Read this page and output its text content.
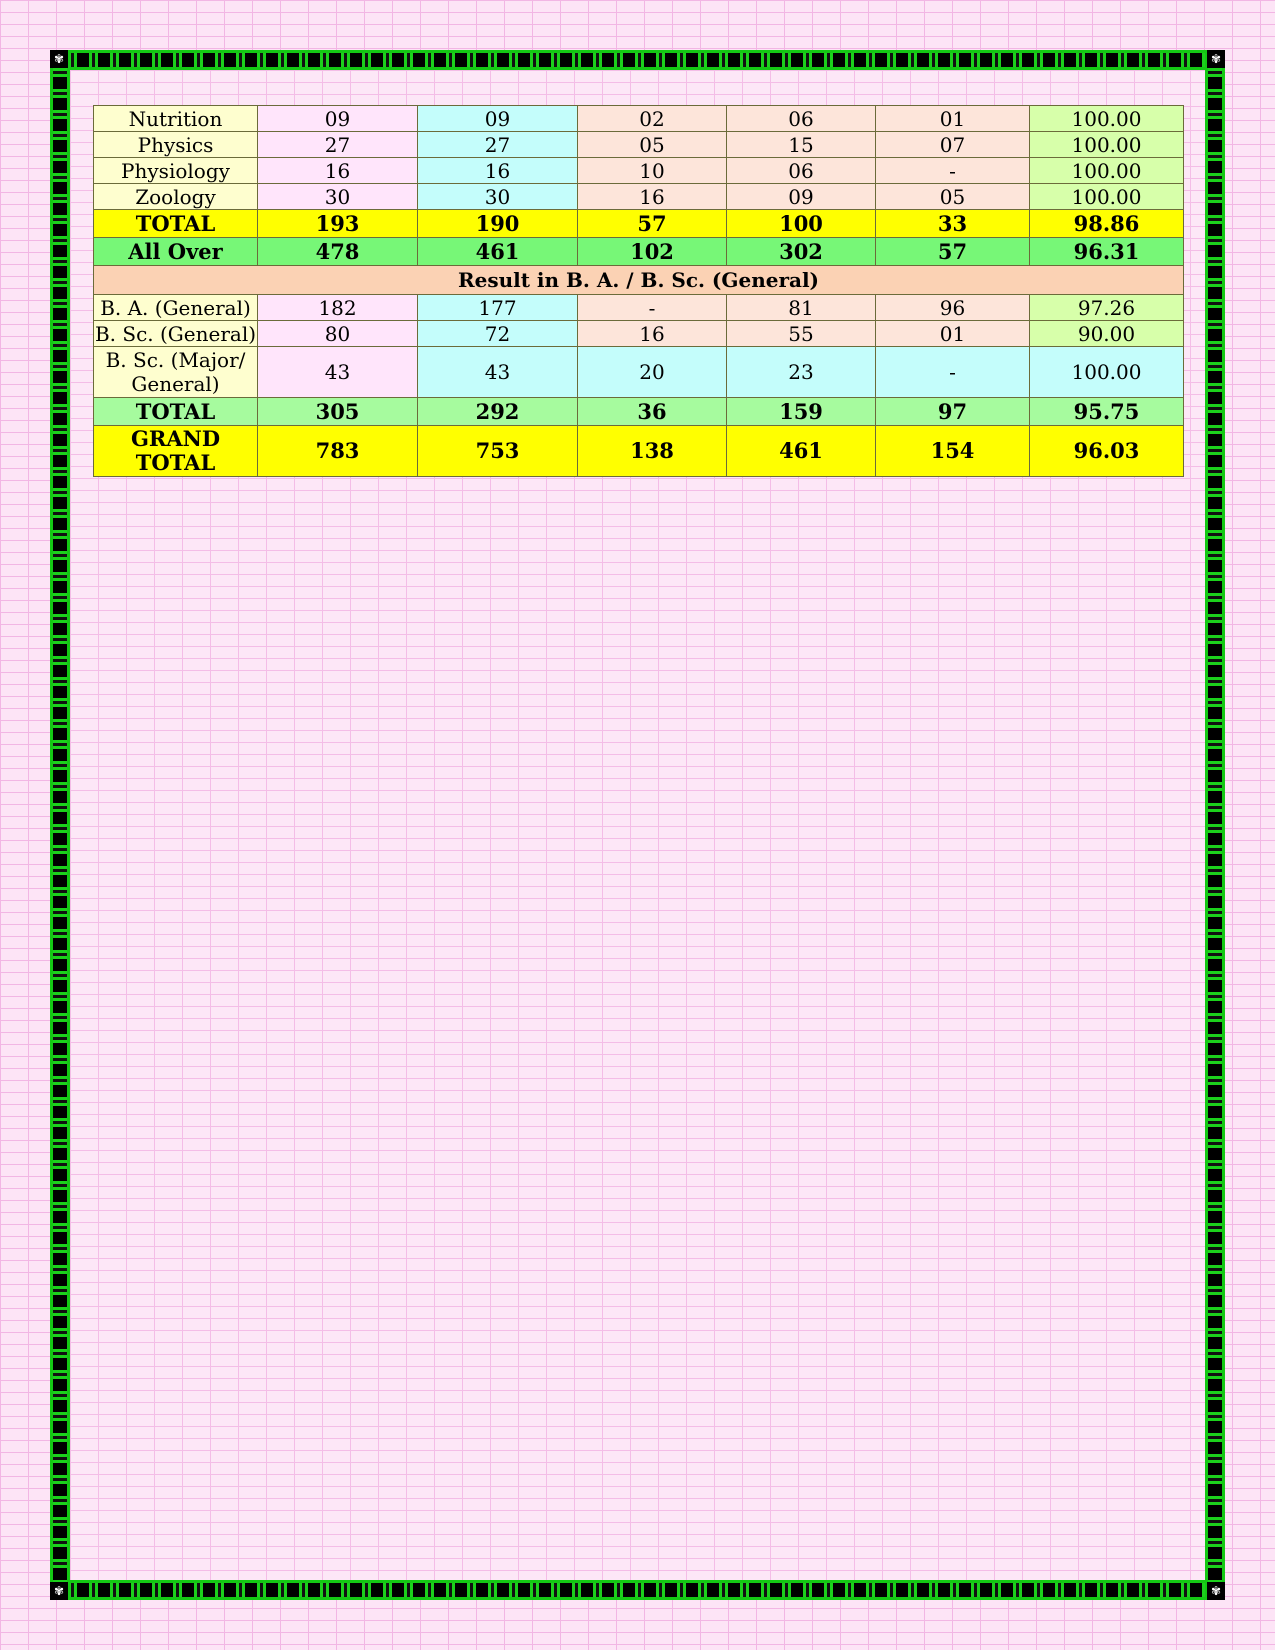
✾	✾
✾	✾
Nutrition	09	09	02	06	01	100.00
Physics	27	27	05	15	07	100.00
Physiology	16	16	10	06	-	100.00
Zoology	30	30	16	09	05	100.00
TOTAL	193	190	57	100	33	98.86
All Over	478	461	102	302	57	96.31
Result in B. A. / B. Sc. (General)						
B. A. (General)	182	177	-	81	96	97.26
B. Sc. (General)	80	72	16	55	01	90.00
B. Sc. (Major/ General)	43	43	20	23	-	100.00
TOTAL	305	292	36	159	97	95.75
GRAND TOTAL	783	753	138	461	154	96.03
